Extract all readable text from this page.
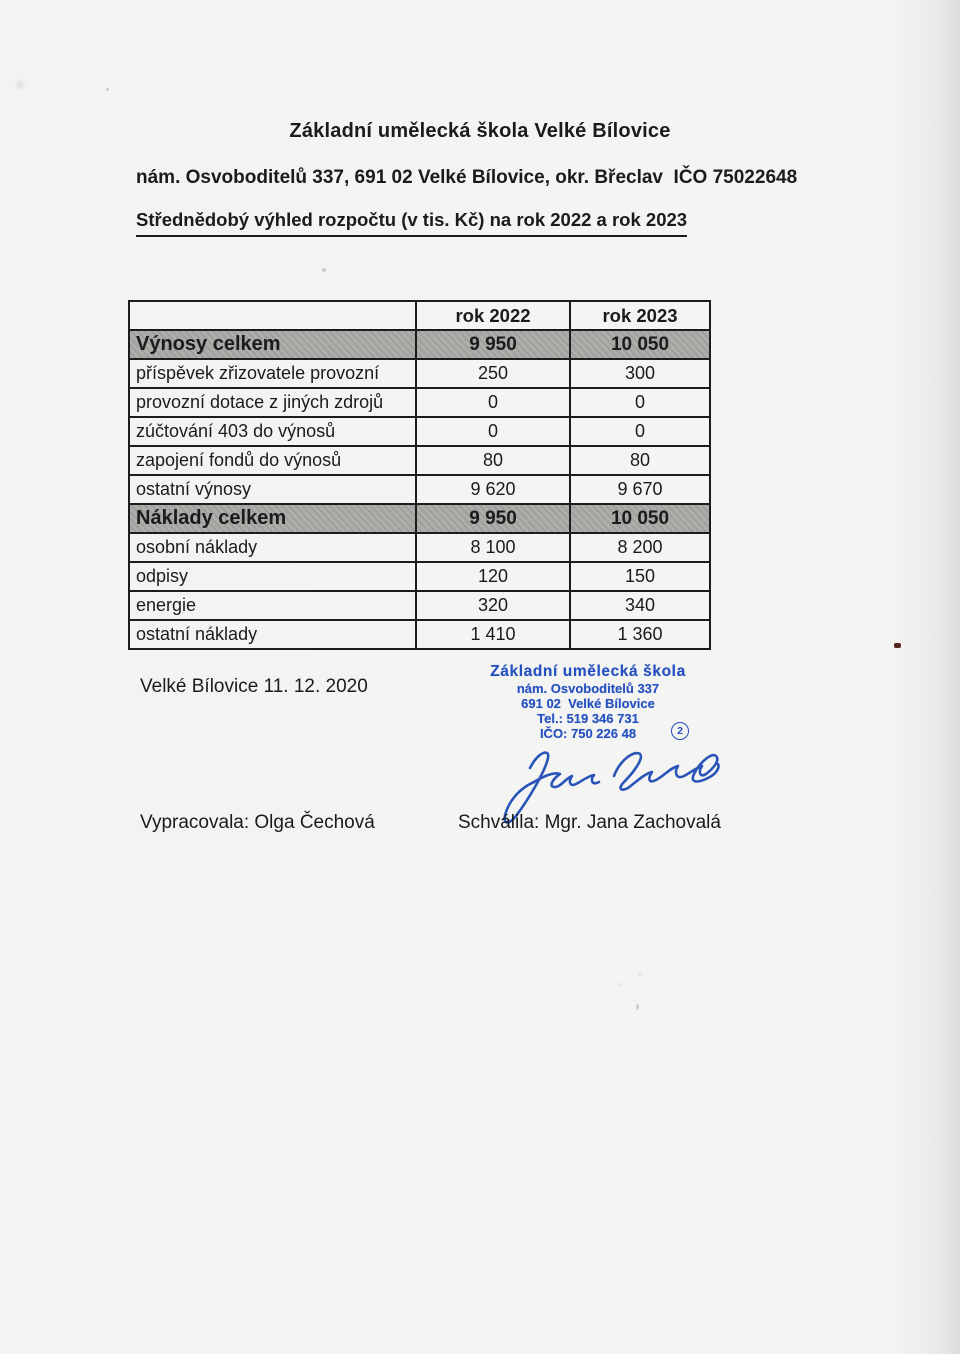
Základní umělecká škola Velké Bílovice
nám. Osvoboditelů 337, 691 02 Velké Bílovice, okr. Břeclav  IČO 75022648
Střednědobý výhled rozpočtu (v tis. Kč) na rok 2022 a rok 2023
	rok 2022	rok 2023
Výnosy celkem	9 950	10 050
příspěvek zřizovatele provozní	250	300
provozní dotace z jiných zdrojů	0	0
zúčtování 403 do výnosů	0	0
zapojení fondů do výnosů	80	80
ostatní výnosy	9 620	9 670
Náklady celkem	9 950	10 050
osobní náklady	8 100	8 200
odpisy	120	150
energie	320	340
ostatní náklady	1 410	1 360
Velké Bílovice 11. 12. 2020
Základní umělecká škola
nám. Osvoboditelů 337
691 02  Velké Bílovice
Tel.: 519 346 731
IČO: 750 226 48	2
Vypracovala: Olga Čechová	Schválila: Mgr. Jana Zachovalá
